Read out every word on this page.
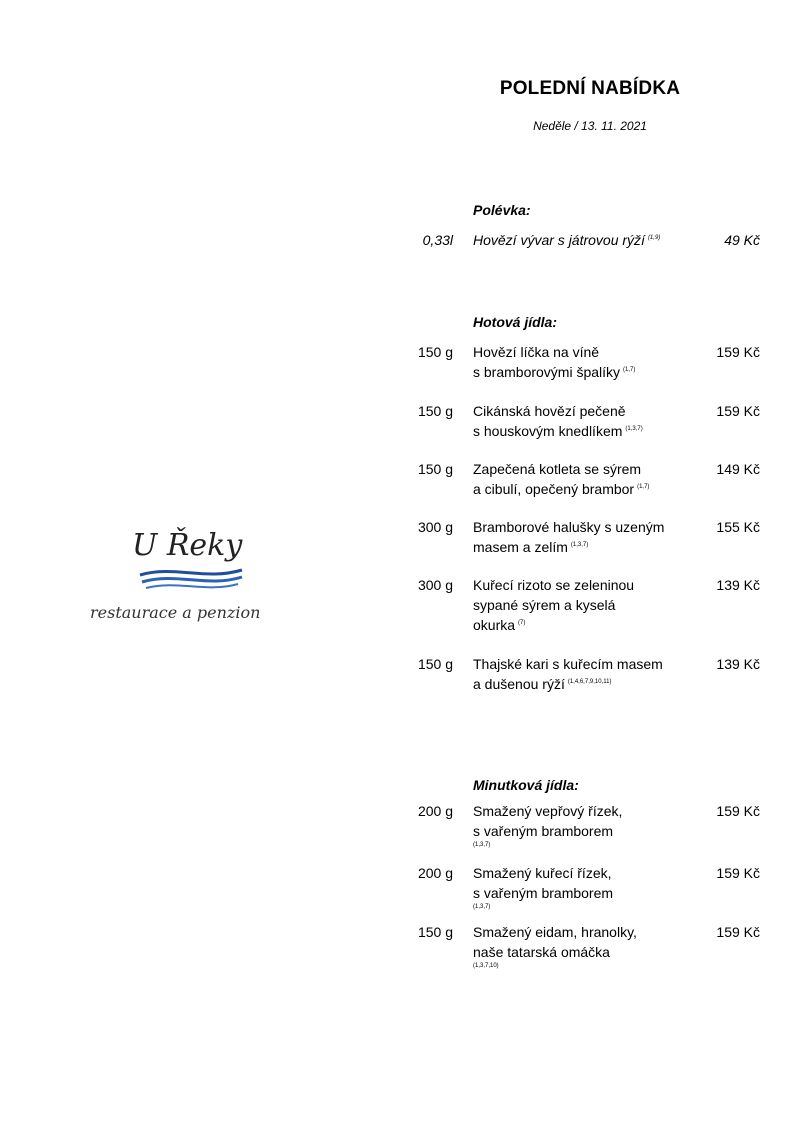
POLEDNÍ NABÍDKA
Neděle / 13. 11. 2021
U Řeky
restaurace a penzion
Polévka:
0,33l Hovězí vývar s játrovou rýží $^{(1,9)}$	49 Kč
Hotová jídla:
150 g Hovězí líčka na víně
s bramborovými špalíky $^{(1,7)}$
159 Kč
150 g Cikánská hovězí pečeně
s houskovým knedlíkem $^{(1,3,7)}$
159 Kč
150 g Zapečená kotleta se sýrem
a cibulí, opečený brambor $^{(1,7)}$
149 Kč
300 g Bramborové halušky s uzeným
masem a zelím $^{(1,3,7)}$
155 Kč
300 g Kuřecí rizoto se zeleninou
sypané sýrem a kyselá
okurka $^{(7)}$
139 Kč
150 g Thajské kari s kuřecím masem
a dušenou rýží $^{(1,4,6,7,9,10,11)}$
139 Kč
Minutková jídla:
200 g Smažený vepřový řízek,
s vařeným bramborem
(1,3,7)
159 Kč
200 g Smažený kuřecí řízek,
s vařeným bramborem
(1,3,7)
159 Kč
150 g Smažený eidam, hranolky,
naše tatarská omáčka
(1,3,7,10)
159 Kč
